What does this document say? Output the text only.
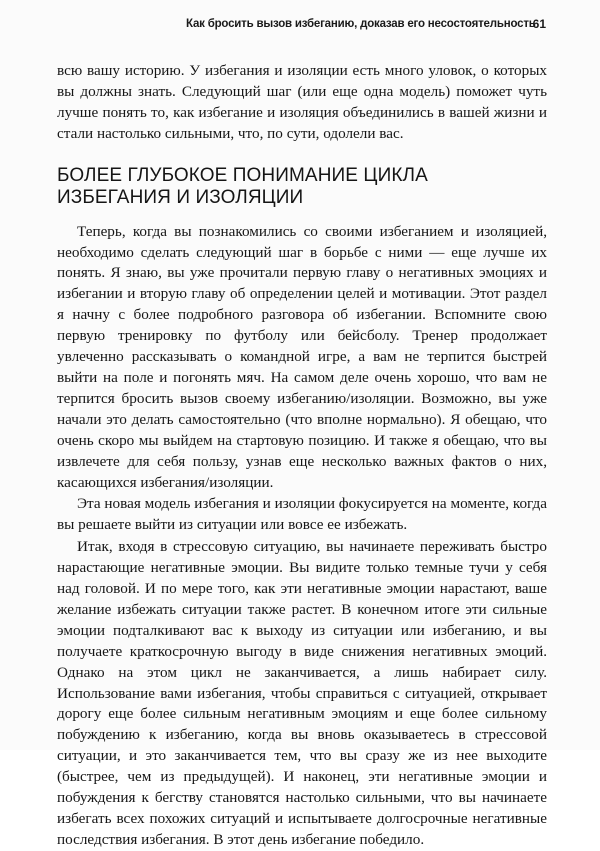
Как бросить вызов избеганию, доказав его несостоятельность
61

всю вашу историю. У избегания и изоляции есть много уловок, о которых вы должны знать. Следующий шаг (или еще одна модель) поможет чуть лучше понять то, как избегание и изоляция объединились в вашей жизни и стали настолько сильными, что, по сути, одолели вас.

БОЛЕЕ ГЛУБОКОЕ ПОНИМАНИЕ ЦИКЛА
ИЗБЕГАНИЯ И ИЗОЛЯЦИИ

Теперь, когда вы познакомились со своими избеганием и изоляцией, необходимо сделать следующий шаг в борьбе с ними — еще лучше их понять. Я знаю, вы уже прочитали первую главу о негативных эмоциях и избегании и вторую главу об определении целей и мотивации. Этот раздел я начну с более подробного разговора об избегании. Вспомните свою первую тренировку по футболу или бейсболу. Тренер продолжает увлеченно рассказывать о командной игре, а вам не терпится быстрей выйти на поле и погонять мяч. На самом деле очень хорошо, что вам не терпится бросить вызов своему избеганию/изоляции. Возможно, вы уже начали это делать самостоятельно (что вполне нормально). Я обещаю, что очень скоро мы выйдем на стартовую позицию. И также я обещаю, что вы извлечете для себя пользу, узнав еще несколько важных фактов о них, касающихся избегания/изоляции.

Эта новая модель избегания и изоляции фокусируется на моменте, когда вы решаете выйти из ситуации или вовсе ее избежать.

Итак, входя в стрессовую ситуацию, вы начинаете переживать быстро нарастающие негативные эмоции. Вы видите только темные тучи у себя над головой. И по мере того, как эти негативные эмоции нарастают, ваше желание избежать ситуации также растет. В конечном итоге эти сильные эмоции подталкивают вас к выходу из ситуации или избеганию, и вы получаете краткосрочную выгоду в виде снижения негативных эмоций. Однако на этом цикл не заканчивается, а лишь набирает силу. Использование вами избегания, чтобы справиться с ситуацией, открывает дорогу еще более сильным негативным эмоциям и еще более сильному побуждению к избеганию, когда вы вновь оказываетесь в стрессовой ситуации, и это заканчивается тем, что вы сразу же из нее выходите (быстрее, чем из предыдущей). И наконец, эти негативные эмоции и побуждения к бегству становятся настолько сильными, что вы начинаете избегать всех похожих ситуаций и испытываете долгосрочные негативные последствия избегания. В этот день избегание победило.
